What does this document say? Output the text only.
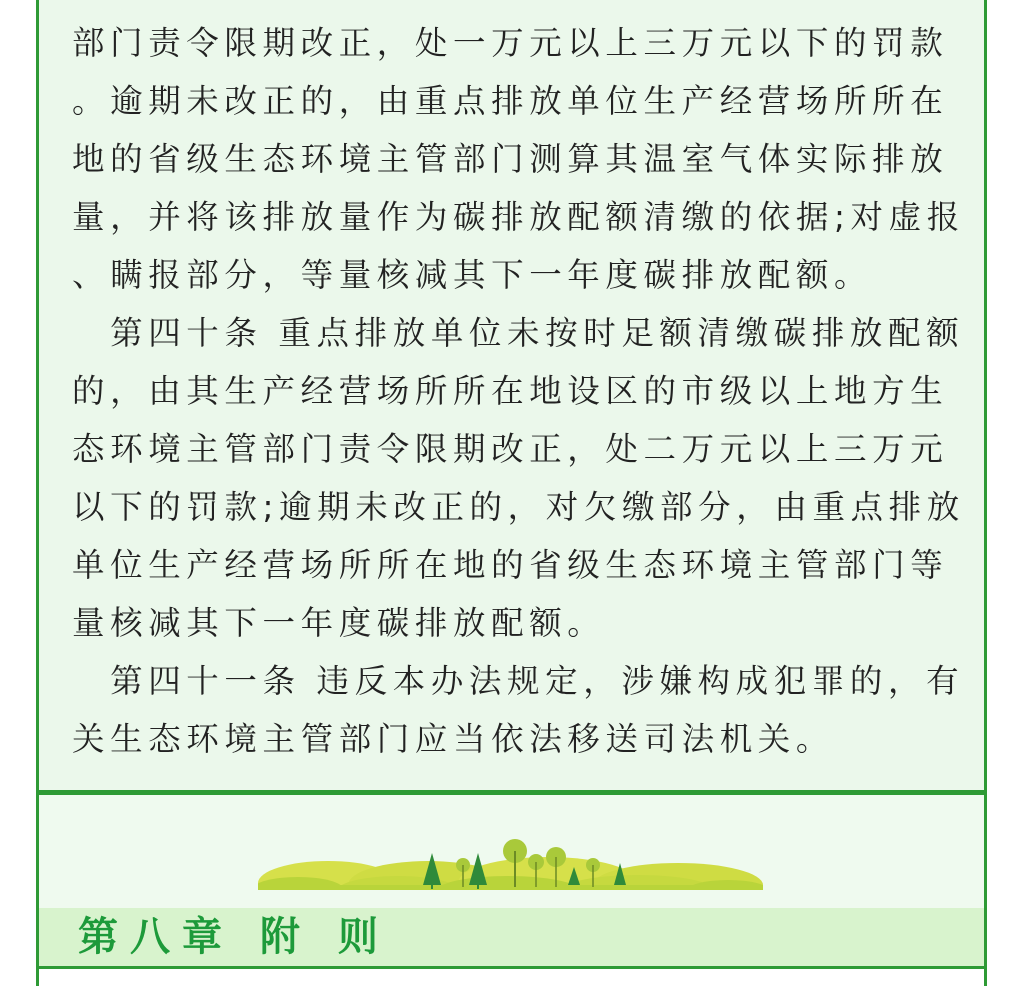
部门责令限期改正，处一万元以上三万元以下的罚款
。逾期未改正的，由重点排放单位生产经营场所所在
地的省级生态环境主管部门测算其温室气体实际排放
量，并将该排放量作为碳排放配额清缴的依据;对虚报
、瞒报部分，等量核减其下一年度碳排放配额。
　第四十条 重点排放单位未按时足额清缴碳排放配额
的，由其生产经营场所所在地设区的市级以上地方生
态环境主管部门责令限期改正，处二万元以上三万元
以下的罚款;逾期未改正的，对欠缴部分，由重点排放
单位生产经营场所所在地的省级生态环境主管部门等
量核减其下一年度碳排放配额。
　第四十一条 违反本办法规定，涉嫌构成犯罪的，有
关生态环境主管部门应当依法移送司法机关。
第八章 附 则
